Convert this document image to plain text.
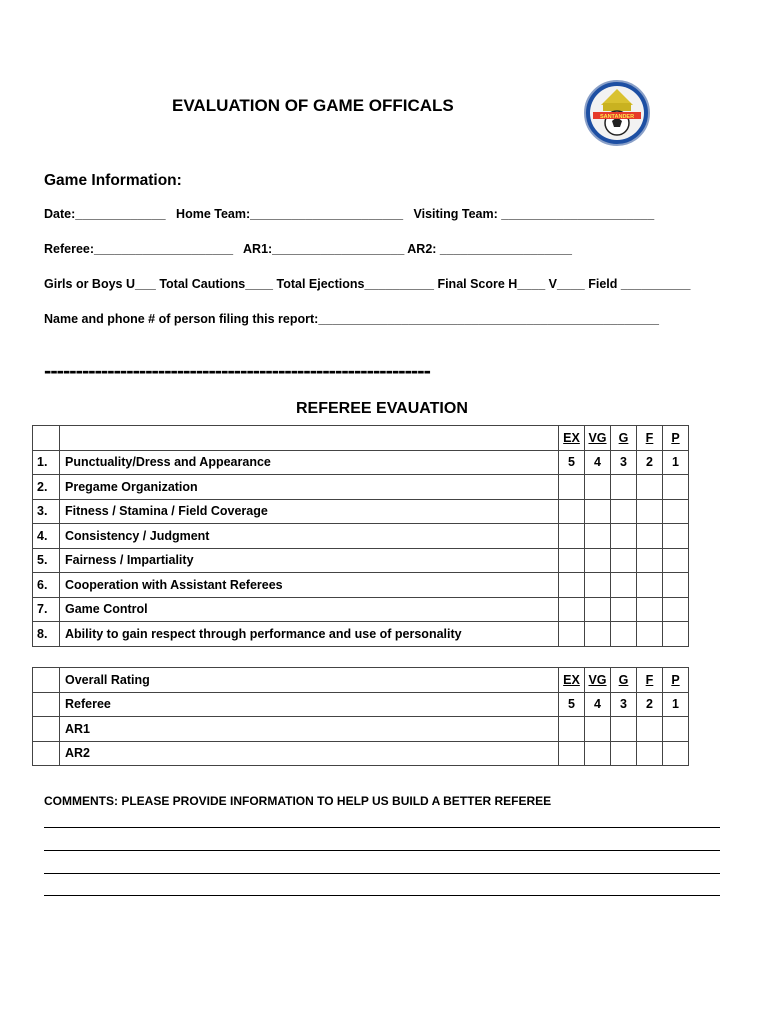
EVALUATION OF GAME OFFICALS
SANTANDER
Game Information:
Date:_____________   Home Team:______________________   Visiting Team: ______________________
Referee:____________________   AR1:___________________ AR2: ___________________
Girls or Boys U___ Total Cautions____ Total Ejections__________ Final Score H____ V____ Field __________
Name and phone # of person filing this report:_________________________________________________
-------------------------------------------------------------
REFEREE EVAUATION
		EX	VG	G	F	P
1.	Punctuality/Dress and Appearance	5	4	3	2	1
2.	Pregame Organization					
3.	Fitness / Stamina / Field Coverage					
4.	Consistency / Judgment					
5.	Fairness / Impartiality					
6.	Cooperation with Assistant Referees					
7.	Game Control					
8.	Ability to gain respect through performance and use of personality					
	Overall Rating	EX	VG	G	F	P
	Referee	5	4	3	2	1
	AR1					
	AR2					
COMMENTS: PLEASE PROVIDE INFORMATION TO HELP US BUILD A BETTER REFEREE
